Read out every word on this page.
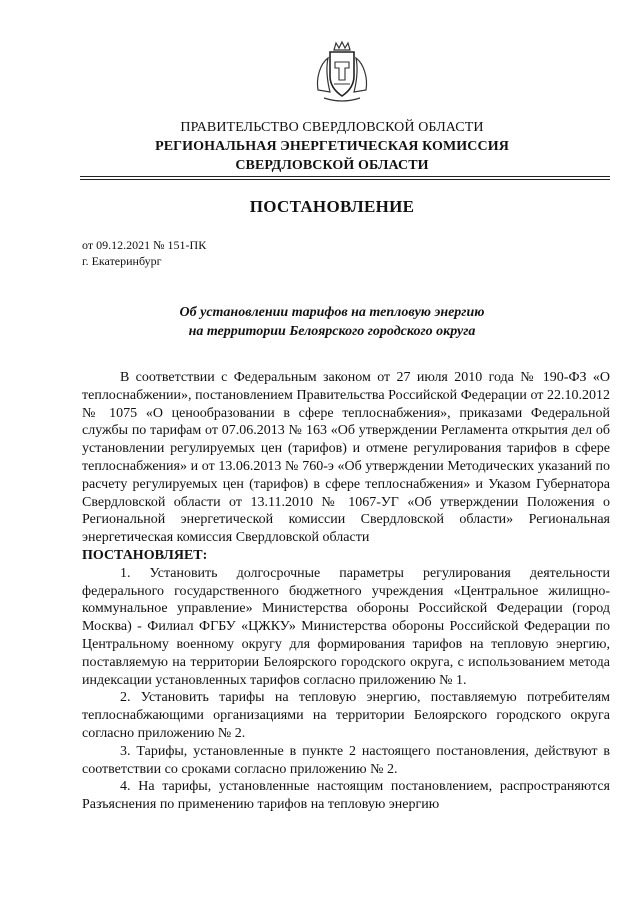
ПРАВИТЕЛЬСТВО СВЕРДЛОВСКОЙ ОБЛАСТИ
РЕГИОНАЛЬНАЯ ЭНЕРГЕТИЧЕСКАЯ КОМИССИЯ
СВЕРДЛОВСКОЙ ОБЛАСТИ
ПОСТАНОВЛЕНИЕ
от 09.12.2021 № 151-ПК
г. Екатеринбург
Об установлении тарифов на тепловую энергию
на территории Белоярского городского округа

В соответствии с Федеральным законом от 27 июля 2010 года № 190-ФЗ «О теплоснабжении», постановлением Правительства Российской Федерации от 22.10.2012 № 1075 «О ценообразовании в сфере теплоснабжения», приказами Федеральной службы по тарифам от 07.06.2013 № 163 «Об утверждении Регламента открытия дел об установлении регулируемых цен (тарифов) и отмене регулирования тарифов в сфере теплоснабжения» и от 13.06.2013 № 760-э «Об утверждении Методических указаний по расчету регулируемых цен (тарифов) в сфере теплоснабжения» и Указом Губернатора Свердловской области от 13.11.2010 № 1067-УГ «Об утверждении Положения о Региональной энергетической комиссии Свердловской области» Региональная энергетическая комиссия Свердловской области

ПОСТАНОВЛЯЕТ:

1. Установить долгосрочные параметры регулирования деятельности федерального государственного бюджетного учреждения «Центральное жилищно-коммунальное управление» Министерства обороны Российской Федерации (город Москва) - Филиал ФГБУ «ЦЖКУ» Министерства обороны Российской Федерации по Центральному военному округу для формирования тарифов на тепловую энергию, поставляемую на территории Белоярского городского округа, с использованием метода индексации установленных тарифов согласно приложению № 1.

2. Установить тарифы на тепловую энергию, поставляемую потребителям теплоснабжающими организациями на территории Белоярского городского округа согласно приложению № 2.

3. Тарифы, установленные в пункте 2 настоящего постановления, действуют в соответствии со сроками согласно приложению № 2.

4. На тарифы, установленные настоящим постановлением, распространяются Разъяснения по применению тарифов на тепловую энергию
